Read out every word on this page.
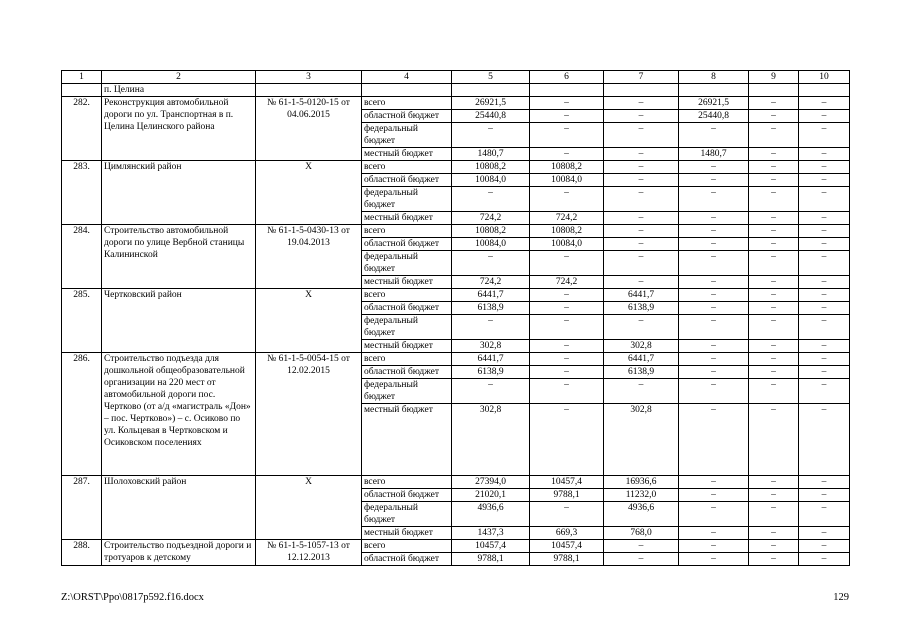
1	2	3	4	5	6	7	8	9	10
	п. Целина								
282.	Реконструкция автомобильной дороги по ул. Транспортная в п. Целина Целинского района	№ 61-1-5-0120-15 от 04.06.2015	всего	26921,5	–	–	26921,5	–	–
			областной бюджет	25440,8	–	–	25440,8	–	–
			федеральный бюджет	–	–	–	–	–	–
			местный бюджет	1480,7	–	–	1480,7	–	–
283.	Цимлянский район	X	всего	10808,2	10808,2	–	–	–	–
			областной бюджет	10084,0	10084,0	–	–	–	–
			федеральный бюджет	–	–	–	–	–	–
			местный бюджет	724,2	724,2	–	–	–	–
284.	Строительство автомобильной дороги по улице Вербной станицы Калининской	№ 61-1-5-0430-13 от 19.04.2013	всего	10808,2	10808,2	–	–	–	–
			областной бюджет	10084,0	10084,0	–	–	–	–
			федеральный бюджет	–	–	–	–	–	–
			местный бюджет	724,2	724,2	–	–	–	–
285.	Чертковский район	X	всего	6441,7	–	6441,7	–	–	–
			областной бюджет	6138,9	–	6138,9	–	–	–
			федеральный бюджет	–	–	–	–	–	–
			местный бюджет	302,8	–	302,8	–	–	–
286.	Строительство подъезда для дошкольной общеобразовательной организации на 220 мест от автомобильной дороги пос. Чертково (от а/д «магистраль «Дон» – пос. Чертково») – с. Осиково по ул. Кольцевая в Чертковском и Осиковском поселениях	№ 61-1-5-0054-15 от 12.02.2015	всего	6441,7	–	6441,7	–	–	–
			областной бюджет	6138,9	–	6138,9	–	–	–
			федеральный бюджет	–	–	–	–	–	–
			местный бюджет	302,8	–	302,8	–	–	–
287.	Шолоховский район	X	всего	27394,0	10457,4	16936,6	–	–	–
			областной бюджет	21020,1	9788,1	11232,0	–	–	–
			федеральный бюджет	4936,6	–	4936,6	–	–	–
			местный бюджет	1437,3	669,3	768,0	–	–	–
288.	Строительство подъездной дороги и тротуаров к детскому	№ 61-1-5-1057-13 от 12.12.2013	всего	10457,4	10457,4	–	–	–	–
			областной бюджет	9788,1	9788,1	–	–	–	–
Z:\ORST\Ppo\0817p592.f16.docx	129
